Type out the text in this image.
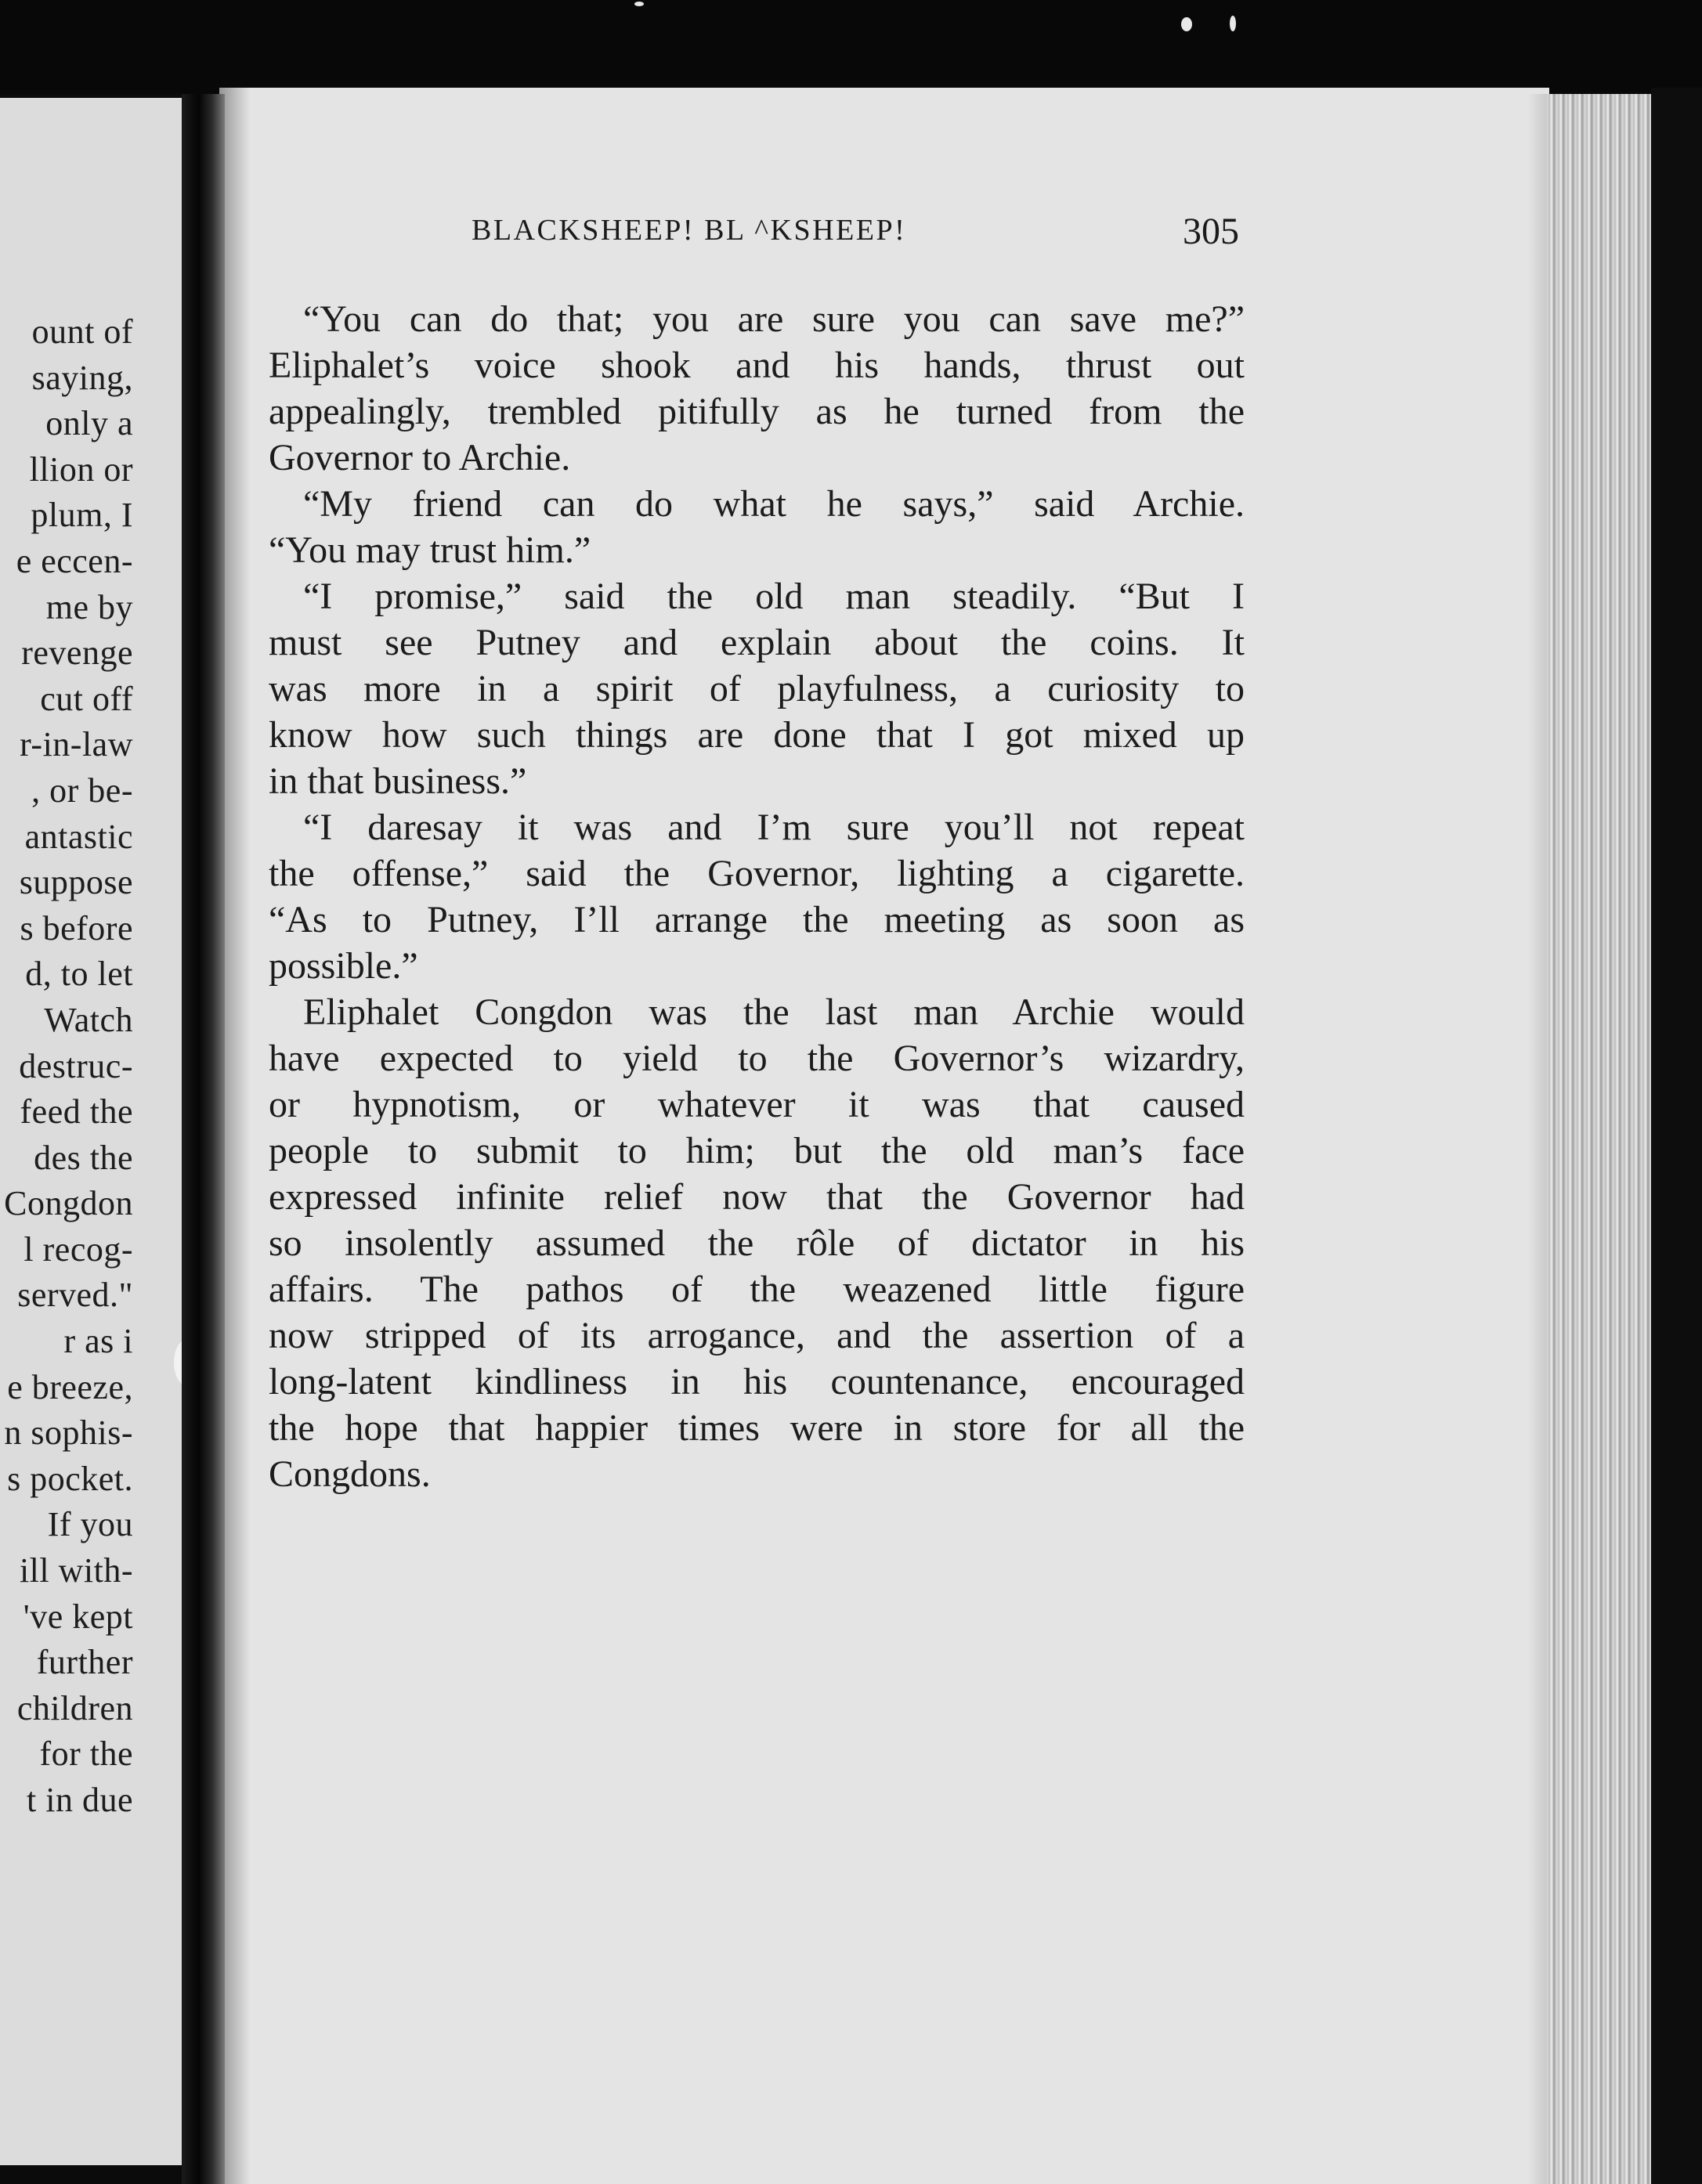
ount of
saying,
only a
llion or
plum, I
e eccen-
me by
revenge
cut off
r-in-law
, or be-
antastic
suppose
s before
d, to let
Watch
destruc-
feed the
des the
Congdon
l recog-
served."
r as i
e breeze,
n sophis-
s pocket.
If you
ill with-
've kept
further
children
for the
t in due
BLACKSHEEP! BL ^KSHEEP!	305
“You can do that; you are sure you can save me?”
Eliphalet’s voice shook and his hands, thrust out
appealingly, trembled pitifully as he turned from the
Governor to Archie.
“My friend can do what he says,” said Archie.
“You may trust him.”
“I promise,” said the old man steadily. “But I
must see Putney and explain about the coins. It
was more in a spirit of playfulness, a curiosity to
know how such things are done that I got mixed up
in that business.”
“I daresay it was and I’m sure you’ll not repeat
the offense,” said the Governor, lighting a cigarette.
“As to Putney, I’ll arrange the meeting as soon as
possible.”
Eliphalet Congdon was the last man Archie would
have expected to yield to the Governor’s wizardry,
or hypnotism, or whatever it was that caused
people to submit to him; but the old man’s face
expressed infinite relief now that the Governor had
so insolently assumed the rôle of dictator in his
affairs. The pathos of the weazened little figure
now stripped of its arrogance, and the assertion of a
long-latent kindliness in his countenance, encouraged
the hope that happier times were in store for all the
Congdons.
